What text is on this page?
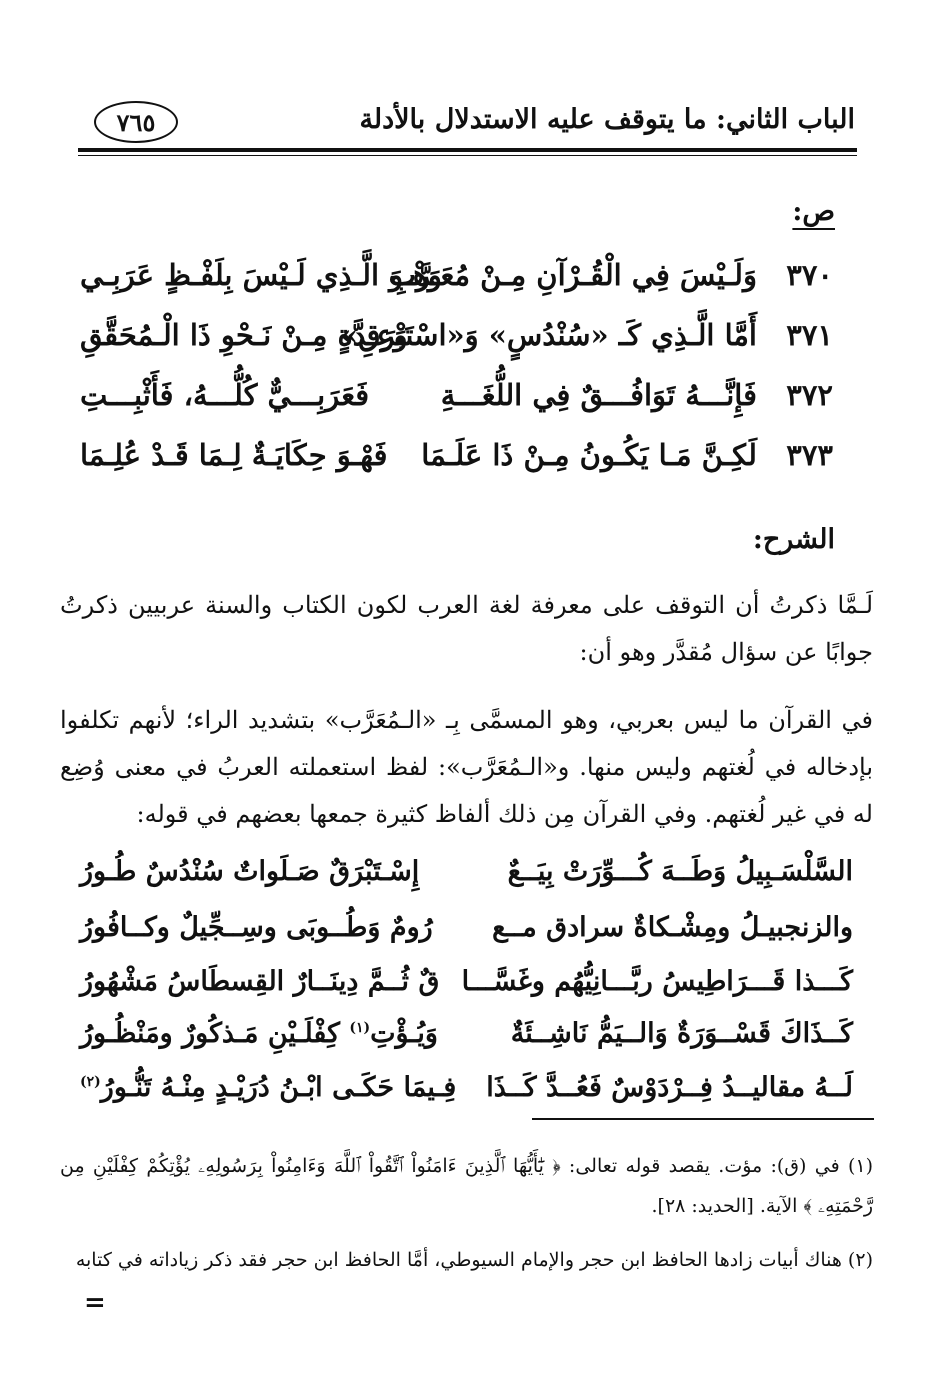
الباب الثاني: ما يتوقف عليه الاستدلال بالأدلة
٧٦٥
ص:
٣٧٠
وَلَـيْسَ فِي الْقُـرْآنِ مِـنْ مُعَـرَّبِ
وَهْـوَ الَّـذِي لَـيْسَ بِلَفْـظٍ عَرَبِـي
٣٧١
أَمَّا الَّـذِي كَـ «سُنْدُسٍ» وَ«اسْتَبْرَقِ»
وَعِـدَّةٍ مِـنْ نَـحْوِ ذَا الْـمُحَقَّقِ
٣٧٢
فَإِنَّـــهُ تَوَافُـــقٌ فِي اللُّغَـــةِ
فَعَرَبِـــيٌّ كُلُّـــهُ، فَأَثْبِـــتِ
٣٧٣
لَكِـنَّ مَـا يَكُـونُ مِـنْ ذَا عَلَـمَا
فَهْـوَ حِكَايَـةٌ لِـمَا قَـدْ عُلِـمَا
الشرح:
لَـمَّا ذكرتُ أن التوقف على معرفة لغة العرب لكون الكتاب والسنة عربيين ذكرتُ جوابًا عن سؤال مُقدَّر وهو أن:
في القرآن ما ليس بعربي، وهو المسمَّى بِـ «الـمُعَرَّب» بتشديد الراء؛ لأنهم تكلفوا بإدخاله في لُغتهم وليس منها. و«الـمُعَرَّب»: لفظ استعملته العربُ في معنى وُضِع له في غير لُغتهم. وفي القرآن مِن ذلك ألفاظ كثيرة جمعها بعضهم في قوله:
السَّلْسَـبِيلُ وَطَــهَ كُـــوِّرَتْ بِيَــعٌ
إِسْـتَبْرَقٌ صَـلَواتٌ سُنْدُسٌ طُـورُ
والزنجبيـلُ ومِشْـكاةٌ سرادق مــع
رُومٌ وَطُــوبَى وسِــجِّيلٌ وكــافُورُ
كَـــذا قَـــرَاطِيسُ ربَّـــانِيُّهُم وغَسَّـــا
قٌ ثُــمَّ دِينَــارٌ القِسطَاسُ مَشْهُورُ
كَــذَاكَ قَسْــوَرَةٌ وَالــيَمُّ نَاشِــئَةٌ
وَيُـؤْتِ$^{(١)}$ كِفْلَـيْنِ مَـذكُورٌ ومَنْظُـورُ
لَــهُ مقاليــدُ فِــرْدَوْسٌ فَعُــدَّ كَــذَا
فِـيمَا حَكَـى ابْـنُ دُرَيْـدٍ مِنْـهُ تَنُّـورُ$^{(٢)}$
(١) في (ق): مؤت. يقصد قوله تعالى: ﴿ يَٰٓأَيُّهَا ٱلَّذِينَ ءَامَنُواْ ٱتَّقُواْ ٱللَّهَ وَءَامِنُواْ بِرَسُولِهِۦ يُؤْتِكُمْ كِفْلَيْنِ مِن رَّحْمَتِهِۦ ﴾ الآية. [الحديد: ٢٨].
(٢) هناك أبيات زادها الحافظ ابن حجر والإمام السيوطي، أمَّا الحافظ ابن حجر فقد ذكر زياداته في كتابه
=
